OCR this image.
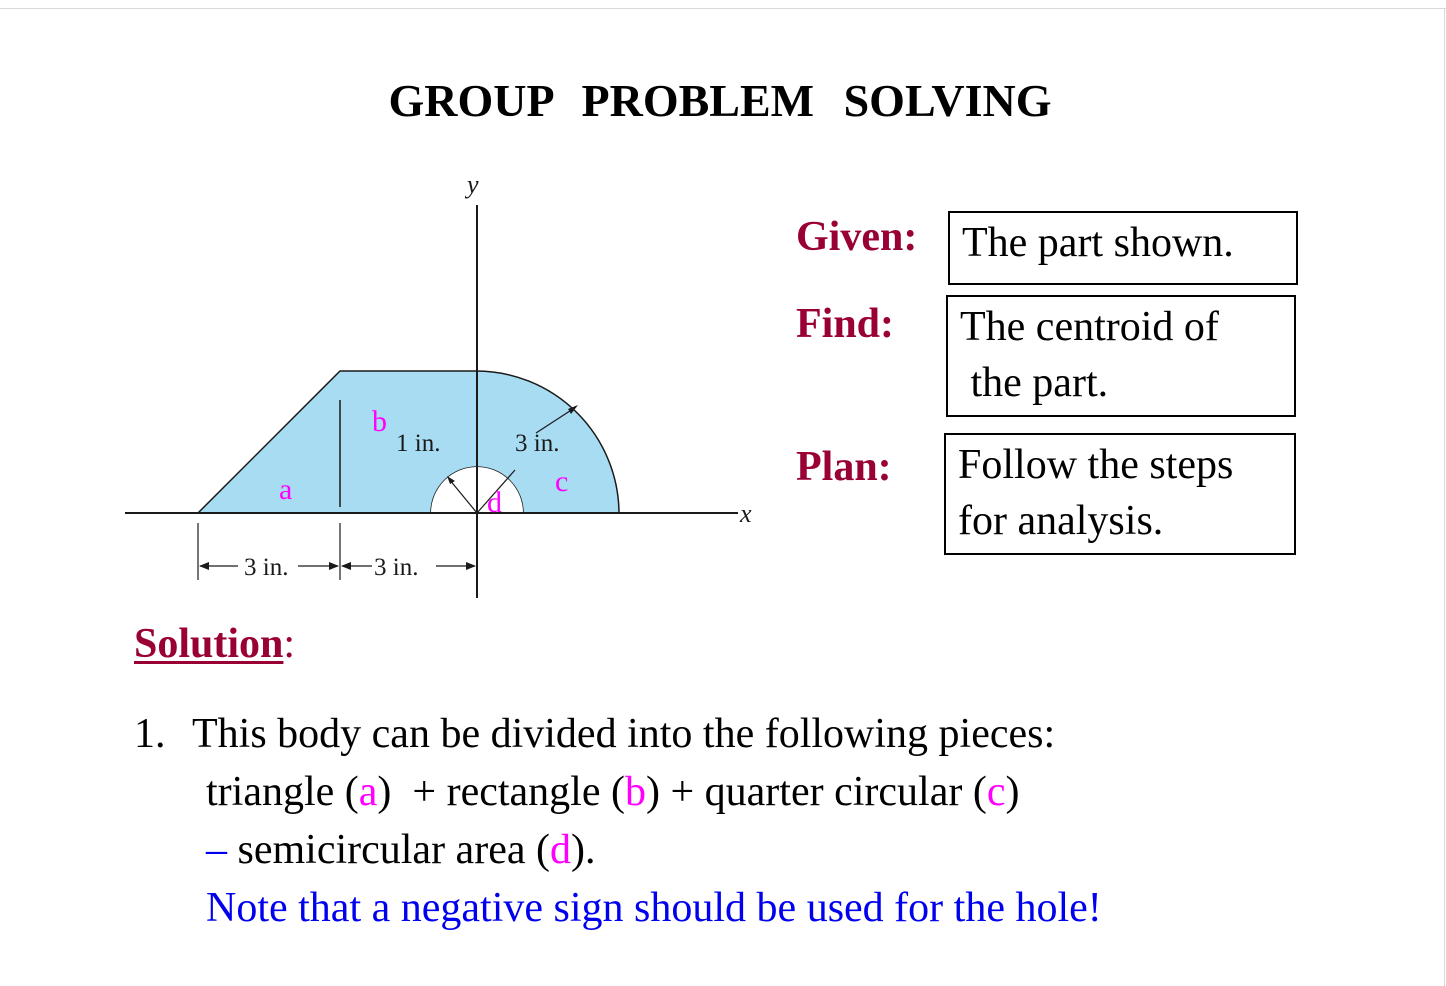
GROUP PROBLEM SOLVING
y
x
1 in.	3 in.
3 in.	3 in.
a
b
c
d
Given:	The part shown.
Find: The centroid of
the part.
Plan: Follow the steps
for analysis.
Solution:
1. This body can be divided into the following pieces:
triangle (a)  + rectangle (b) + quarter circular (c)
– semicircular area (d).
Note that a negative sign should be used for the hole!
